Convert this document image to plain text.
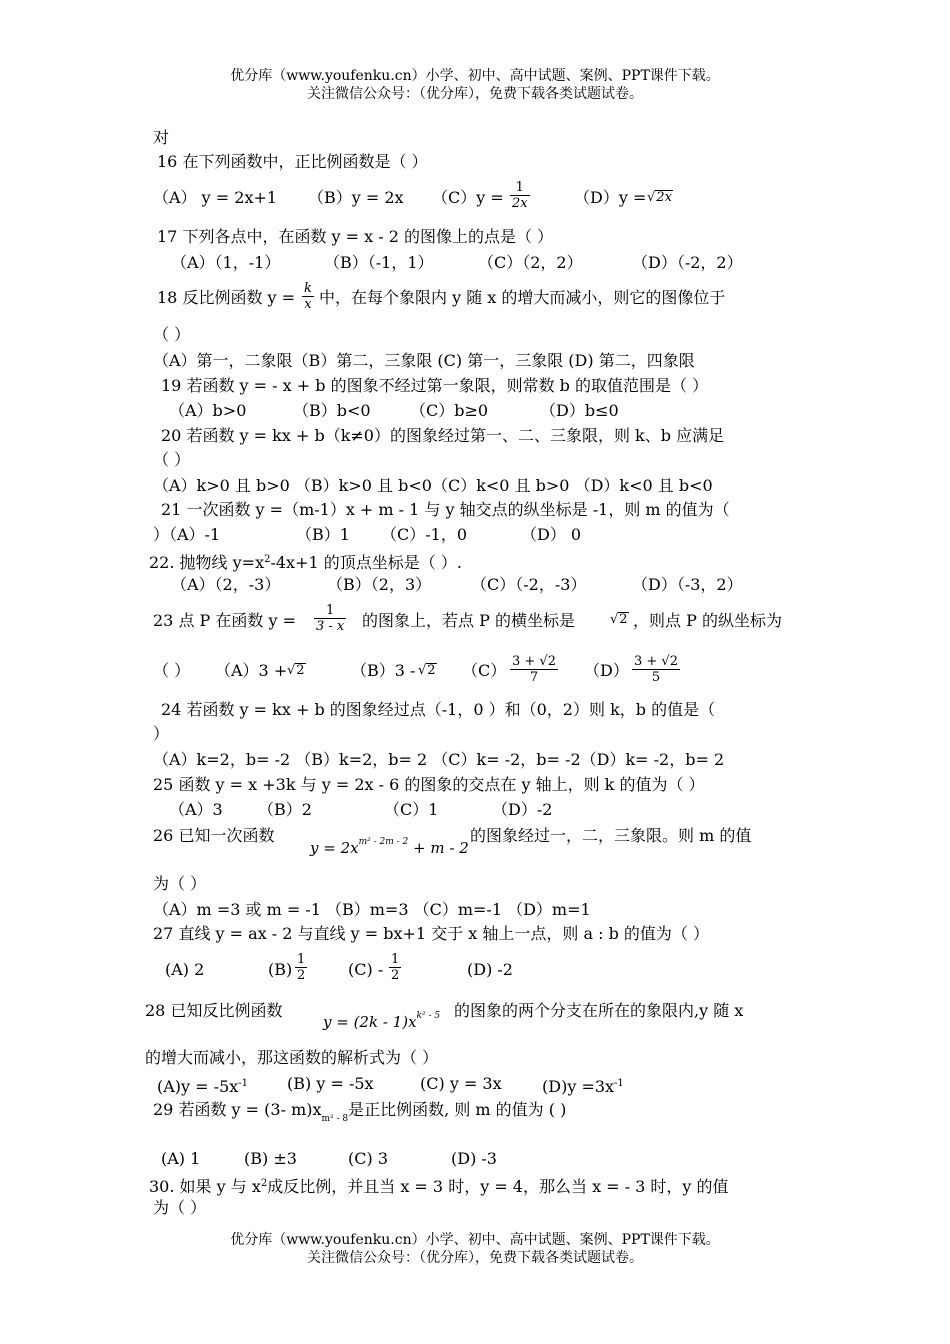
优分库（www.youfenku.cn）小学、初中、高中试题、案例、PPT课件下载。
关注微信公众号：（优分库），免费下载各类试题试卷。
对
16 在下列函数中，正比例函数是（ ）
（A） y = 2x+1 （B）y = 2x （C）y =
1
2x	（D）y = √2x
17 下列各点中，在函数 y = x - 2 的图像上的点是（ ）
（A）（1，-1）	（B）（-1，1）	（C）（2，2）	（D）（-2，2）
18 反比例函数 y = k
x 中，在每个象限内 y 随 x 的增大而减小，则它的图像位于
（ ）
（A）第一，二象限（B）第二，三象限 (C) 第一，三象限 (D) 第二，四象限
19 若函数 y = - x + b 的图象不经过第一象限，则常数 b 的取值范围是（ ）
（A）b>0	（B）b<0 （C）b≥0	（D）b≤0
20 若函数 y = kx + b（k≠0）的图象经过第一、二、三象限，则 k、b 应满足
（ ）
（A）k>0 且 b>0 （B）k>0 且 b<0（C）k<0 且 b>0 （D）k<0 且 b<0
21 一次函数 y =（m-1）x + m - 1 与 y 轴交点的纵坐标是 -1，则 m 的值为（
）（A）-1	（B）1 （C）-1，0	（D） 0
22. 抛物线 $y=x^2-4x+1$ 的顶点坐标是（ ）.
（A）（2，-3）	（B）（2，3） （C）（-2，-3）	（D）（-3，2）
23 点 P 在函数 y =
1
3 - x 的图象上，若点 P 的横坐标是	√2 ，则点 P 的纵坐标为
（ ） （A）3 + √2	（B）3 - √2 （C） 3 + √2
7	（D） 3 + √2
5
24 若函数 y = kx + b 的图象经过点（-1，0 ）和（0，2）则 k，b 的值是（
）
（A）k=2，b= -2 （B）k=2，b= 2 （C）k= -2，b= -2（D）k= -2，b= 2
25 函数 y = x +3k 与 y = 2x - 6 的图象的交点在 y 轴上，则 k 的值为（ ）
（A）3 （B）2	（C）1	（D）-2
26 已知一次函数
$y = 2x^{m^2 - 2m - 2} + m - 2$
的图象经过一，二，三象限。则 m 的值
为（ ）
（A）m =3 或 m = -1 （B）m=3 （C）m=-1 （D）m=1
27 直线 y = ax - 2 与直线 y = bx+1 交于 x 轴上一点，则 a : b 的值为（ ）
(A) 2	(B)
1
2	(C) -
1
2	(D) -2
28 已知反比例函数
$y = (2k - 1)x^{k^2 - 5}$ 的图象的两个分支在所在的象限内,y 随 x
的增大而减小，那这函数的解析式为（ ）
$(A)y = -5x^{-1}$ (B) y = -5x	(C) y = 3x	$(D)y =3x^{-1}$
29 若函数 y = (3- $m)x_{m^2 - 8}$是正比例函数, 则 m 的值为 ( )
(A) 1	(B) ±3	(C) 3	(D) -3
30. 如果 y 与 $x^2$成反比例，并且当 x = 3 时，y = 4，那么当 x = - 3 时，y 的值
为（ ）
优分库（www.youfenku.cn）小学、初中、高中试题、案例、PPT课件下载。
关注微信公众号：（优分库），免费下载各类试题试卷。
